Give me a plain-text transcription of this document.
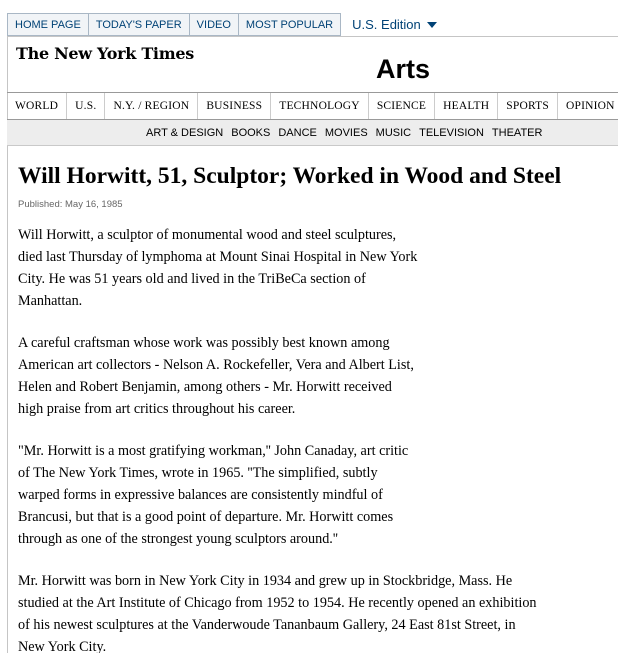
HOME PAGE	TODAY'S PAPER	VIDEO	MOST POPULAR	U.S. Edition
The New York Times
Arts
WORLD	U.S.	N.Y. / REGION	BUSINESS	TECHNOLOGY	SCIENCE	HEALTH	SPORTS	OPINION
ART & DESIGN BOOKS DANCE MOVIES MUSIC TELEVISION THEATER
Will Horwitt, 51, Sculptor; Worked in Wood and Steel
Published: May 16, 1985

Will Horwitt, a sculptor of monumental wood and steel sculptures,
died last Thursday of lymphoma at Mount Sinai Hospital in New York
City. He was 51 years old and lived in the TriBeCa section of
Manhattan.

A careful craftsman whose work was possibly best known among
American art collectors - Nelson A. Rockefeller, Vera and Albert List,
Helen and Robert Benjamin, among others - Mr. Horwitt received
high praise from art critics throughout his career.

"Mr. Horwitt is a most gratifying workman,'' John Canaday, art critic
of The New York Times, wrote in 1965. ''The simplified, subtly
warped forms in expressive balances are consistently mindful of
Brancusi, but that is a good point of departure. Mr. Horwitt comes
through as one of the strongest young sculptors around.''

Mr. Horwitt was born in New York City in 1934 and grew up in Stockbridge, Mass. He
studied at the Art Institute of Chicago from 1952 to 1954. He recently opened an exhibition
of his newest sculptures at the Vanderwoude Tananbaum Gallery, 24 East 81st Street, in
New York City.
